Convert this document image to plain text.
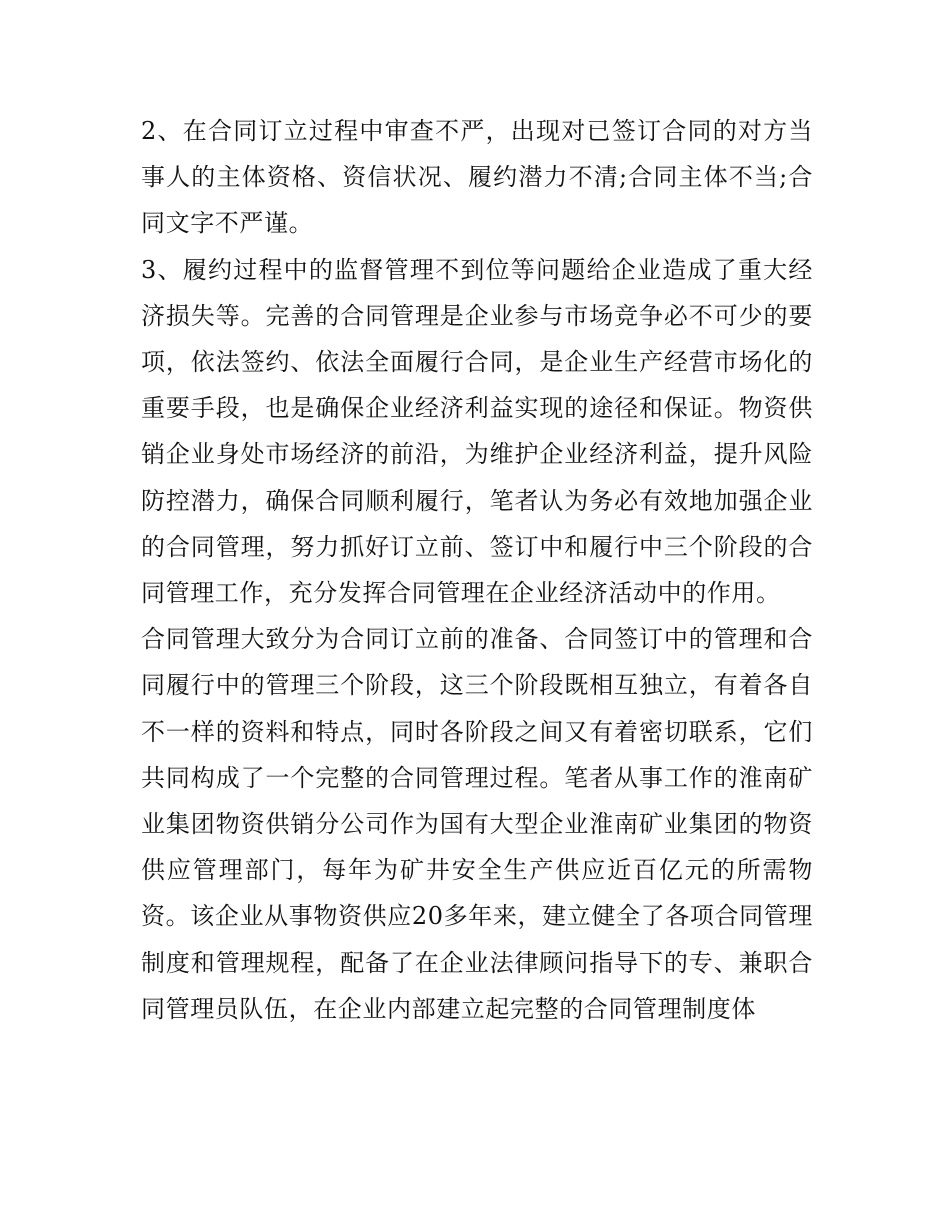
2、在合同订立过程中审查不严，出现对已签订合同的对方当事人的主体资格、资信状况、履约潜力不清;合同主体不当;合同文字不严谨。

3、履约过程中的监督管理不到位等问题给企业造成了重大经济损失等。完善的合同管理是企业参与市场竞争必不可少的要项，依法签约、依法全面履行合同，是企业生产经营市场化的重要手段，也是确保企业经济利益实现的途径和保证。物资供销企业身处市场经济的前沿，为维护企业经济利益，提升风险防控潜力，确保合同顺利履行，笔者认为务必有效地加强企业的合同管理，努力抓好订立前、签订中和履行中三个阶段的合同管理工作，充分发挥合同管理在企业经济活动中的作用。

合同管理大致分为合同订立前的准备、合同签订中的管理和合同履行中的管理三个阶段，这三个阶段既相互独立，有着各自不一样的资料和特点，同时各阶段之间又有着密切联系，它们共同构成了一个完整的合同管理过程。笔者从事工作的淮南矿业集团物资供销分公司作为国有大型企业淮南矿业集团的物资供应管理部门，每年为矿井安全生产供应近百亿元的所需物资。该企业从事物资供应20多年来，建立健全了各项合同管理制度和管理规程，配备了在企业法律顾问指导下的专、兼职合同管理员队伍，在企业内部建立起完整的合同管理制度体
